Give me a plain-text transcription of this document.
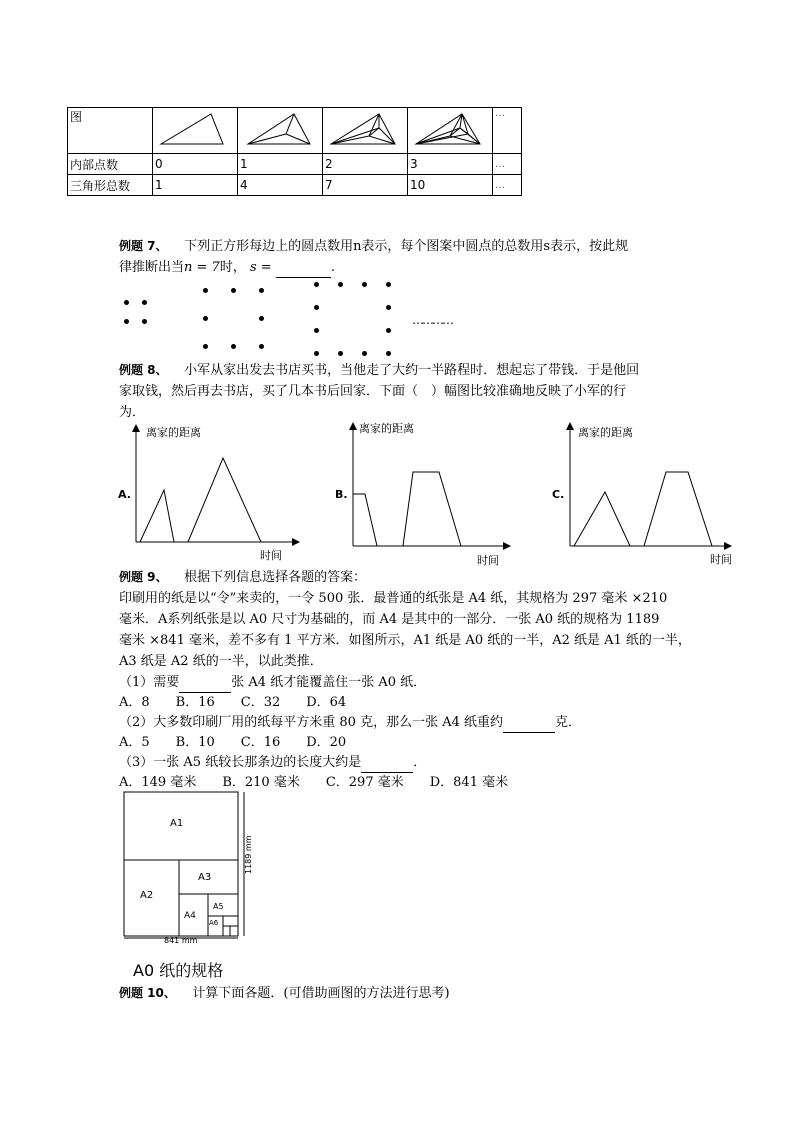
图					…
内部点数	0	1	2	3	…
三角形总数	1	4	7	10	…
例题 7、 下列正方形每边上的圆点数用n表示，每个图案中圆点的总数用s表示，按此规
律推断出当n = 7时， s =	.
…………
例题 8、 小军从家出发去书店买书，当他走了大约一半路程时．想起忘了带钱．于是他回
家取钱，然后再去书店，买了几本书后回家．下面（　）幅图比较准确地反映了小军的行
为．
离家的距离
时间
A.
离家的距离
时间
B.
离家的距离
时间
C.
例题 9、 根据下列信息选择各题的答案：
印刷用的纸是以“令”来卖的，一令 500 张．最普通的纸张是 A4 纸，其规格为 297 毫米 ×210
毫米．A系列纸张是以 A0 尺寸为基础的，而 A4 是其中的一部分．一张 A0 纸的规格为 1189
毫米 ×841 毫米，差不多有 1 平方米．如图所示，A1 纸是 A0 纸的一半，A2 纸是 A1 纸的一半，
A3 纸是 A2 纸的一半，以此类推．
（1）需要	张 A4 纸才能覆盖住一张 A0 纸．
A．8　　B．16　　C．32　　D．64
（2）大多数印刷厂用的纸每平方米重 80 克，那么一张 A4 纸重约	克．
A．5　　B．10　　C．16　　D．20
（3）一张 A5 纸较长那条边的长度大约是	．
A．149 毫米　　B．210 毫米　　C．297 毫米　　D．841 毫米
A1
A2
A3
A4
A5
A6
1189 mm
841 mm
A0 纸的规格
例题 10、 计算下面各题．(可借助画图的方法进行思考)
